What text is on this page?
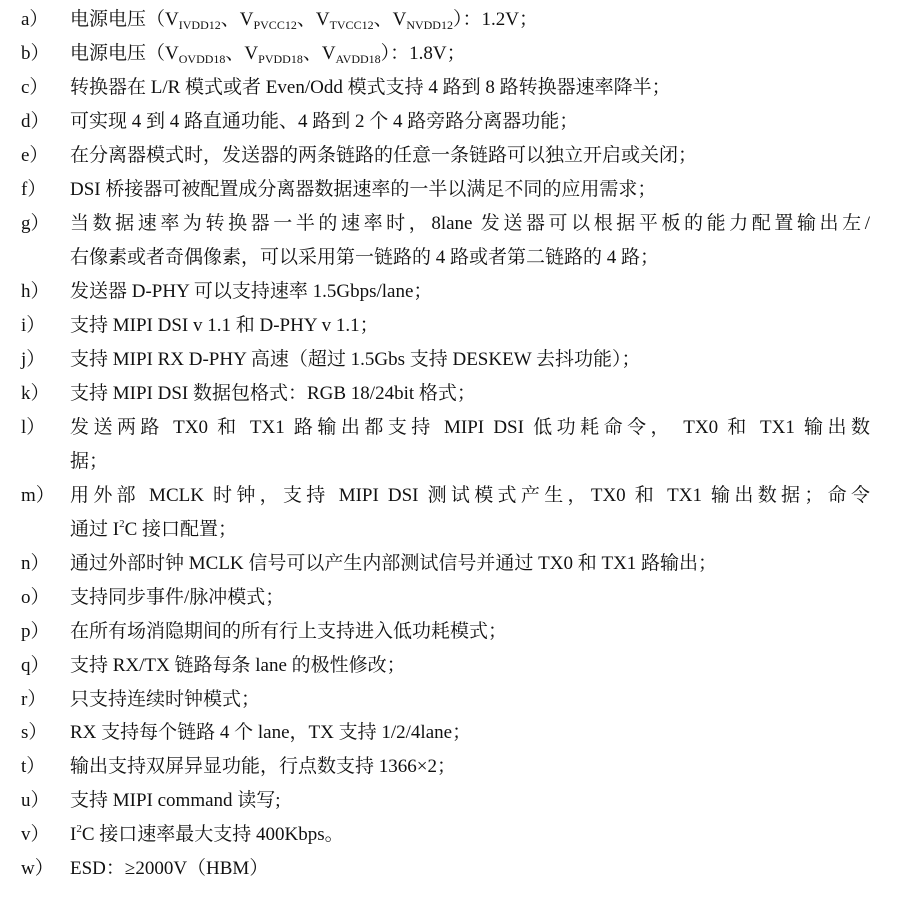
a）	电源电压（$V_{IVDD12}$、$V_{PVCC12}$、$V_{TVCC12}$、$V_{NVDD12}$）：1.2V；
b）	电源电压（$V_{OVDD18}$、$V_{PVDD18}$、$V_{AVDD18}$）：1.8V；
c）	转换器在 L/R 模式或者 Even/Odd 模式支持 4 路到 8 路转换器速率降半；
d）	可实现 4 到 4 路直通功能、4 路到 2 个 4 路旁路分离器功能；
e）	在分离器模式时，发送器的两条链路的任意一条链路可以独立开启或关闭；
f）	DSI 桥接器可被配置成分离器数据速率的一半以满足不同的应用需求；
g）	当数据速率为转换器一半的速率时，8lane 发送器可以根据平板的能力配置输出左/
右像素或者奇偶像素，可以采用第一链路的 4 路或者第二链路的 4 路；
h）	发送器 D-PHY 可以支持速率 1.5Gbps/lane；
i）	支持 MIPI DSI v 1.1 和 D-PHY v 1.1；
j）	支持 MIPI RX D-PHY 高速（超过 1.5Gbs 支持 DESKEW 去抖功能）；
k）	支持 MIPI DSI 数据包格式：RGB 18/24bit 格式；
l）	发送两路 TX0 和 TX1 路输出都支持 MIPI DSI 低功耗命令， TX0 和 TX1 输出数
据；
m） 用外部 MCLK 时钟，支持 MIPI DSI 测试模式产生，TX0 和 TX1 输出数据；命令
通过 $I^2C$ 接口配置；
n）	通过外部时钟 MCLK 信号可以产生内部测试信号并通过 TX0 和 TX1 路输出；
o）	支持同步事件/脉冲模式；
p）	在所有场消隐期间的所有行上支持进入低功耗模式；
q）	支持 RX/TX 链路每条 lane 的极性修改；
r）	只支持连续时钟模式；
s）	RX 支持每个链路 4 个 lane，TX 支持 1/2/4lane；
t）	输出支持双屏异显功能，行点数支持 1366×2；
u）	支持 MIPI command 读写;
v）	$I^2C$ 接口速率最大支持 400Kbps。
w） ESD：≥2000V（HBM）
